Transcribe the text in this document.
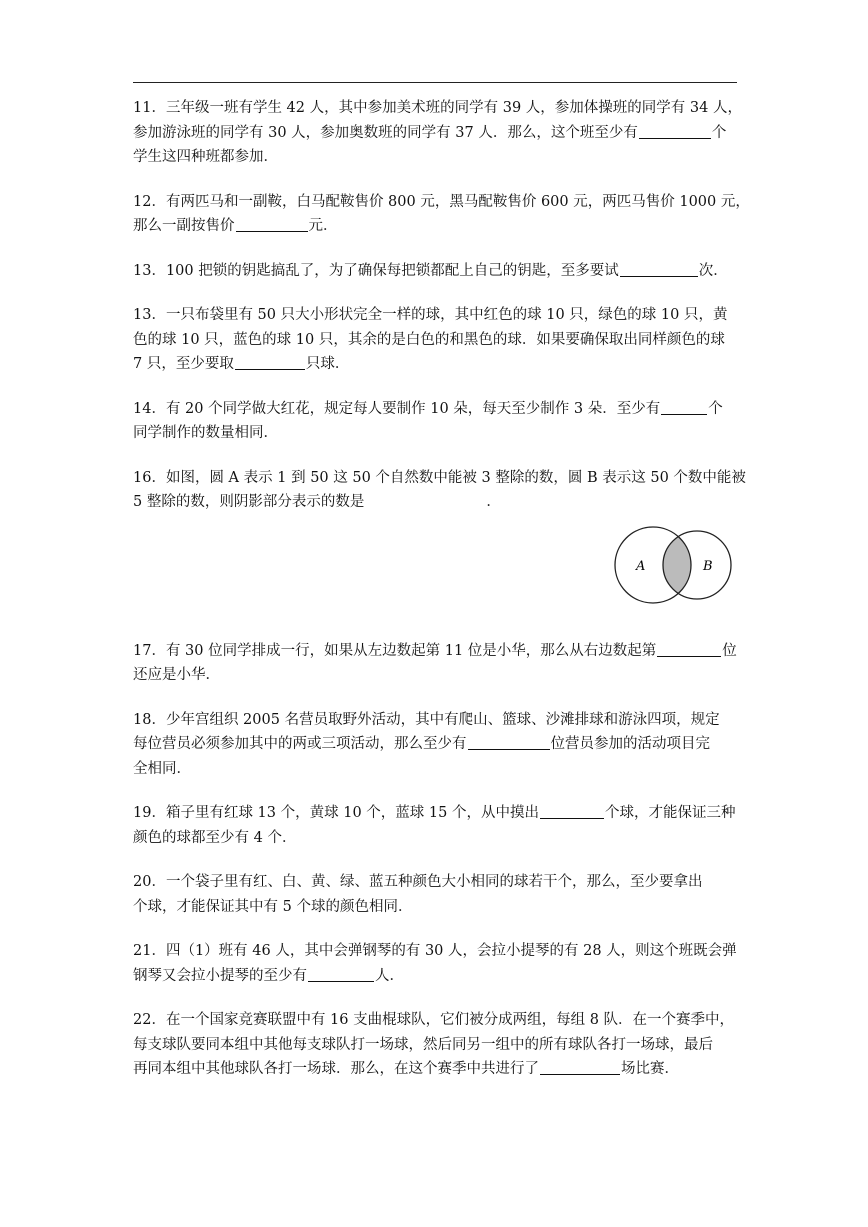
11．三年级一班有学生 42 人，其中参加美术班的同学有 39 人，参加体操班的同学有 34 人，
参加游泳班的同学有 30 人，参加奥数班的同学有 37 人．那么，这个班至少有	个
学生这四种班都参加．
12．有两匹马和一副鞍，白马配鞍售价 800 元，黑马配鞍售价 600 元，两匹马售价 1000 元，
那么一副按售价	元．
13．100 把锁的钥匙搞乱了，为了确保每把锁都配上自己的钥匙，至多要试	次．
13．一只布袋里有 50 只大小形状完全一样的球，其中红色的球 10 只，绿色的球 10 只，黄
色的球 10 只，蓝色的球 10 只，其余的是白色的和黑色的球．如果要确保取出同样颜色的球
7 只，至少要取	只球．
14．有 20 个同学做大红花，规定每人要制作 10 朵，每天至少制作 3 朵．至少有	个
同学制作的数量相同．
16．如图，圆 A 表示 1 到 50 这 50 个自然数中能被 3 整除的数，圆 B 表示这 50 个数中能被
5 整除的数，则阴影部分表示的数是	．
A	B
17．有 30 位同学排成一行，如果从左边数起第 11 位是小华，那么从右边数起第	位
还应是小华．
18．少年宫组织 2005 名营员取野外活动，其中有爬山、篮球、沙滩排球和游泳四项，规定
每位营员必须参加其中的两或三项活动，那么至少有	位营员参加的活动项目完
全相同．
19．箱子里有红球 13 个，黄球 10 个，蓝球 15 个，从中摸出	个球，才能保证三种
颜色的球都至少有 4 个．
20．一个袋子里有红、白、黄、绿、蓝五种颜色大小相同的球若干个，那么，至少要拿出
个球，才能保证其中有 5 个球的颜色相同．
21．四（1）班有 46 人，其中会弹钢琴的有 30 人，会拉小提琴的有 28 人，则这个班既会弹
钢琴又会拉小提琴的至少有	人．
22．在一个国家竞赛联盟中有 16 支曲棍球队，它们被分成两组，每组 8 队．在一个赛季中，
每支球队要同本组中其他每支球队打一场球，然后同另一组中的所有球队各打一场球，最后
再同本组中其他球队各打一场球．那么，在这个赛季中共进行了	场比赛．
